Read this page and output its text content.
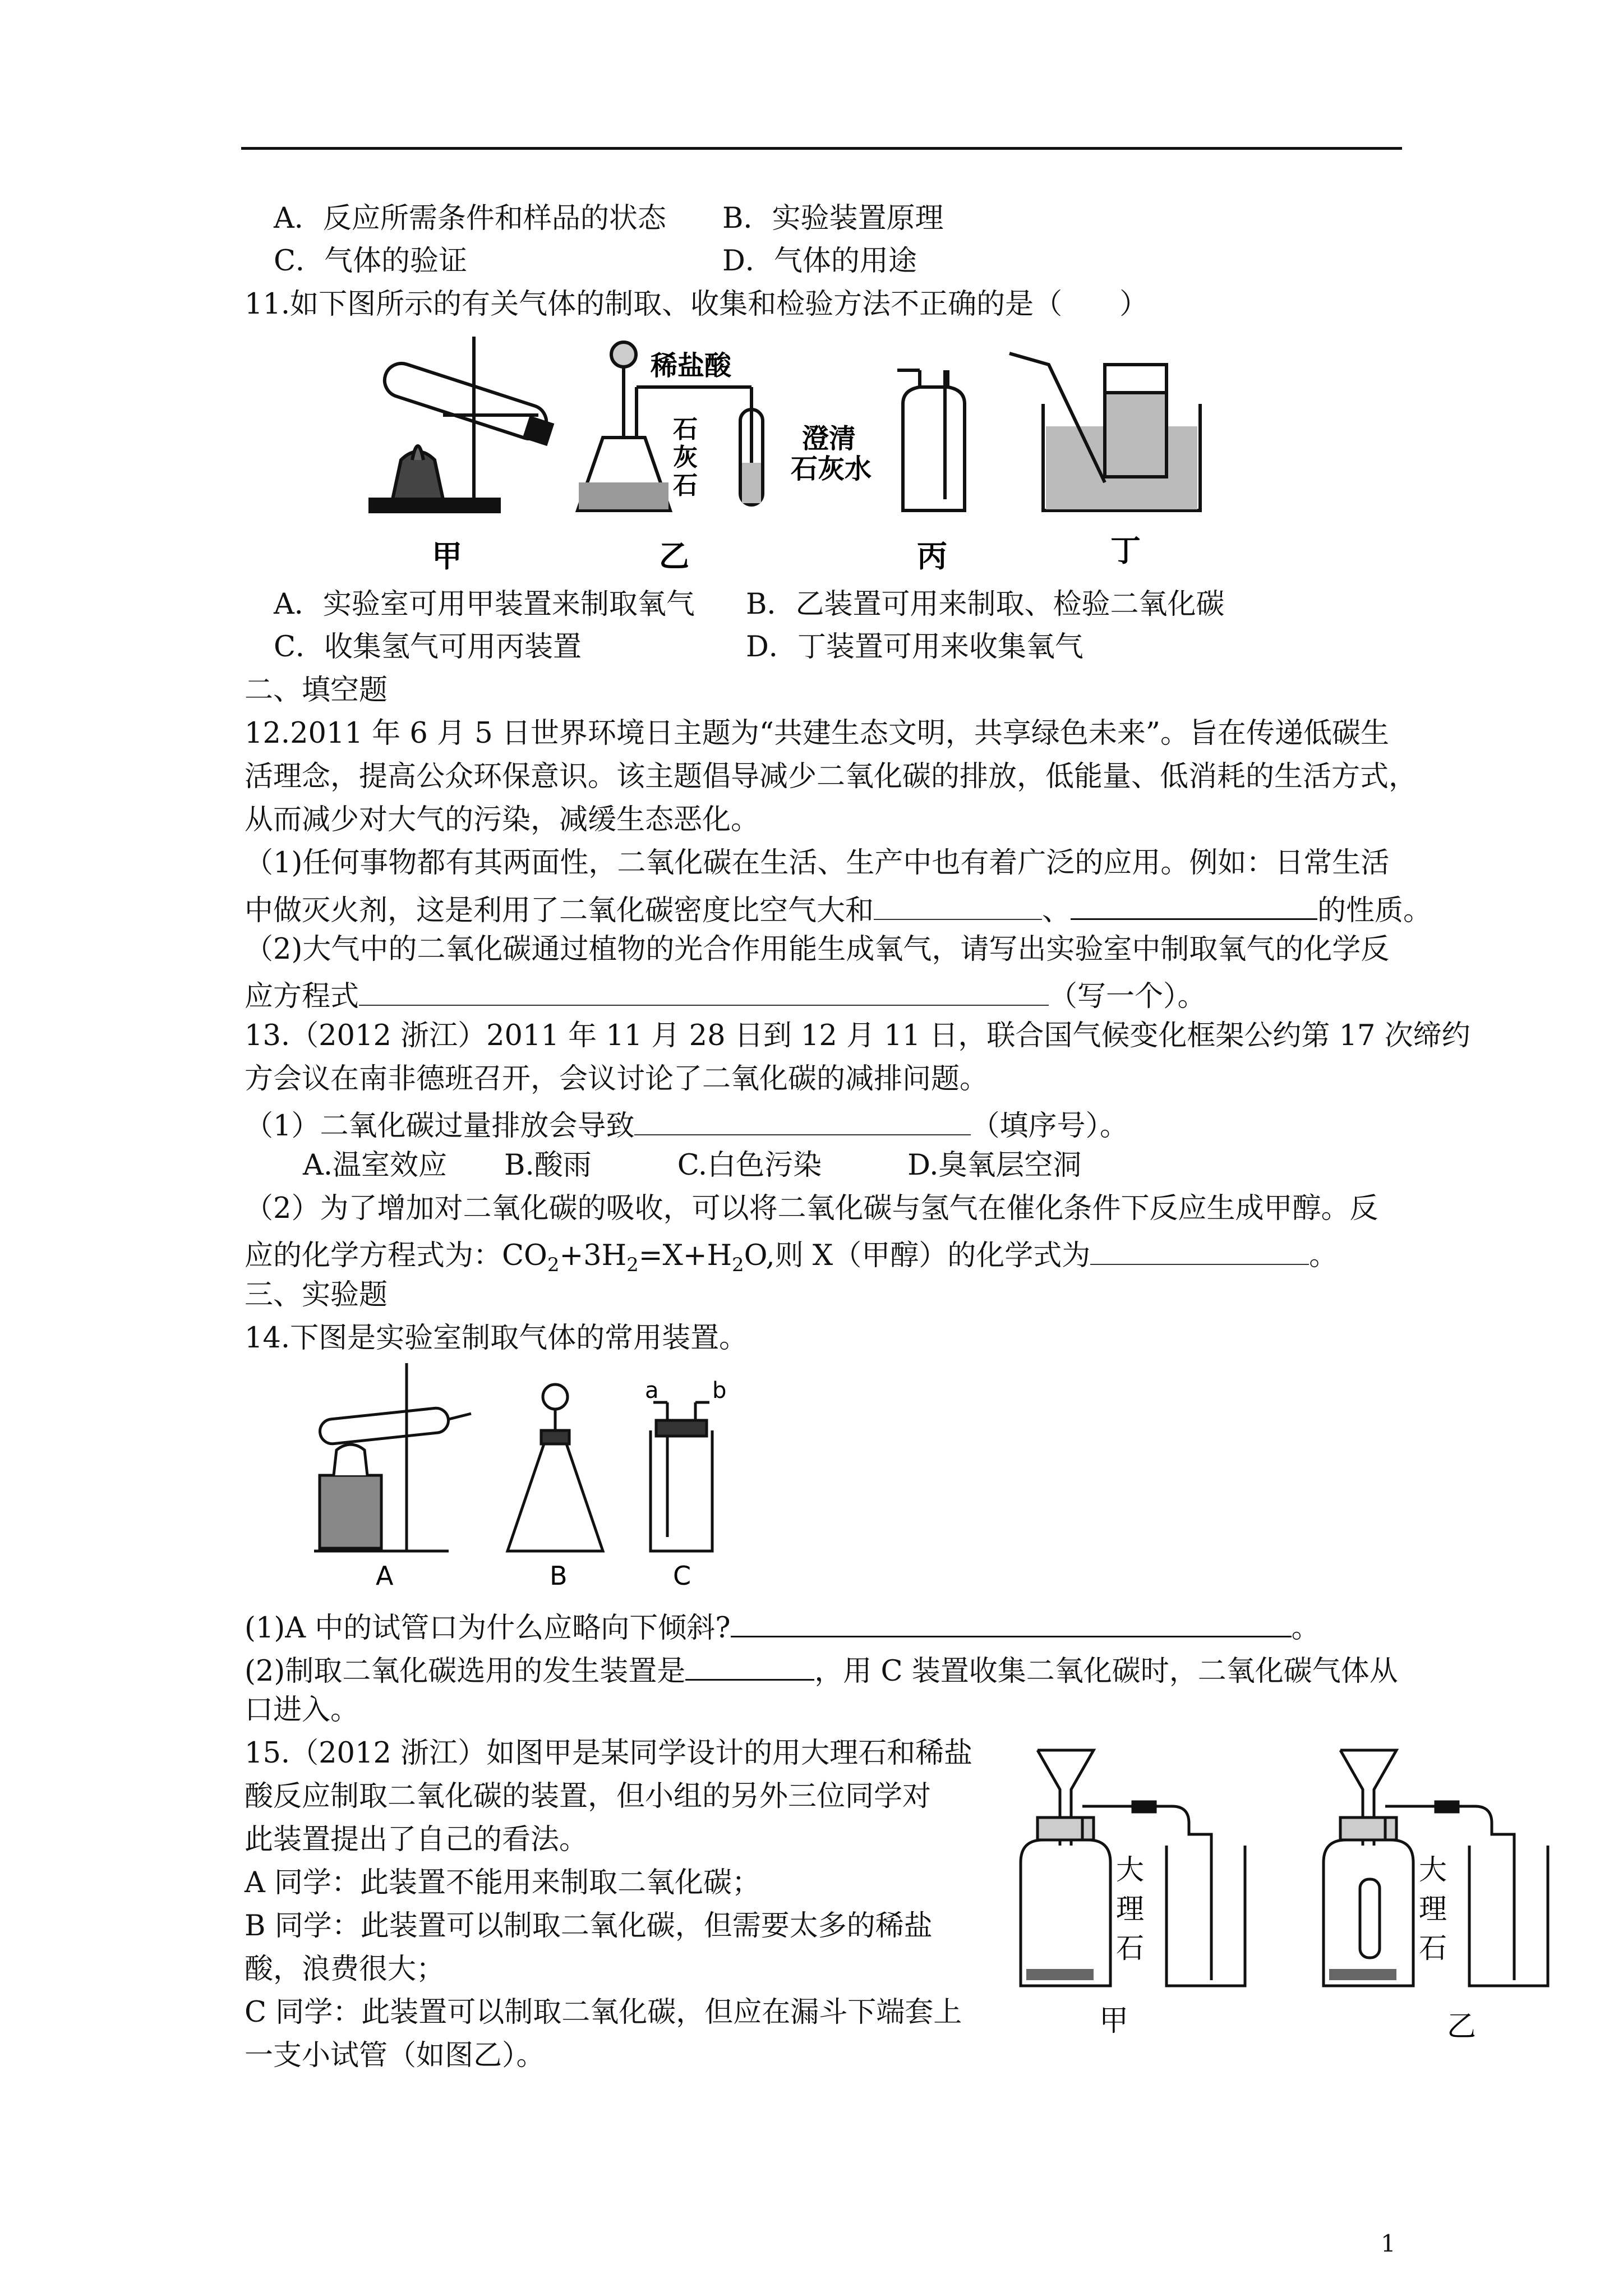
A．反应所需条件和样品的状态 B．实验装置原理
C．气体的验证	D．气体的用途
11.如下图所示的有关气体的制取、收集和检验方法不正确的是（　　）
甲
稀盐酸
石
灰
石
澄清
石灰水
乙	丙	丁
A．实验室可用甲装置来制取氧气 B．乙装置可用来制取、检验二氧化碳
C．收集氢气可用丙装置	D．丁装置可用来收集氧气
二、填空题
12.2011 年 6 月 5 日世界环境日主题为“共建生态文明，共享绿色未来”。旨在传递低碳生
活理念，提高公众环保意识。该主题倡导减少二氧化碳的排放，低能量、低消耗的生活方式，
从而减少对大气的污染，减缓生态恶化。
（1)任何事物都有其两面性，二氧化碳在生活、生产中也有着广泛的应用。例如：日常生活
中做灭火剂，这是利用了二氧化碳密度比空气大和	、	的性质。
（2)大气中的二氧化碳通过植物的光合作用能生成氧气，请写出实验室中制取氧气的化学反
应方程式	（写一个）。
13.（2012 浙江）2011 年 11 月 28 日到 12 月 11 日，联合国气候变化框架公约第 17 次缔约
方会议在南非德班召开，会议讨论了二氧化碳的减排问题。
（1）二氧化碳过量排放会导致	（填序号）。
A.温室效应　　B.酸雨　　　C.白色污染　　　D.臭氧层空洞
（2）为了增加对二氧化碳的吸收，可以将二氧化碳与氢气在催化条件下反应生成甲醇。反
应的化学方程式为：$CO_2+3H_2=X+H_2O$,则 X（甲醇）的化学式为	。
三、实验题
14.下图是实验室制取气体的常用装置。
A	B	C
a b
(1)A 中的试管口为什么应略向下倾斜?	。
(2)制取二氧化碳选用的发生装置是	，用 C 装置收集二氧化碳时，二氧化碳气体从
口进入。
15.（2012 浙江）如图甲是某同学设计的用大理石和稀盐
酸反应制取二氧化碳的装置，但小组的另外三位同学对
此装置提出了自己的看法。
A 同学：此装置不能用来制取二氧化碳；
B 同学：此装置可以制取二氧化碳，但需要太多的稀盐
酸，浪费很大；
C 同学：此装置可以制取二氧化碳，但应在漏斗下端套上
一支小试管（如图乙）。
大
理
石
大
理
石
甲	乙
1
